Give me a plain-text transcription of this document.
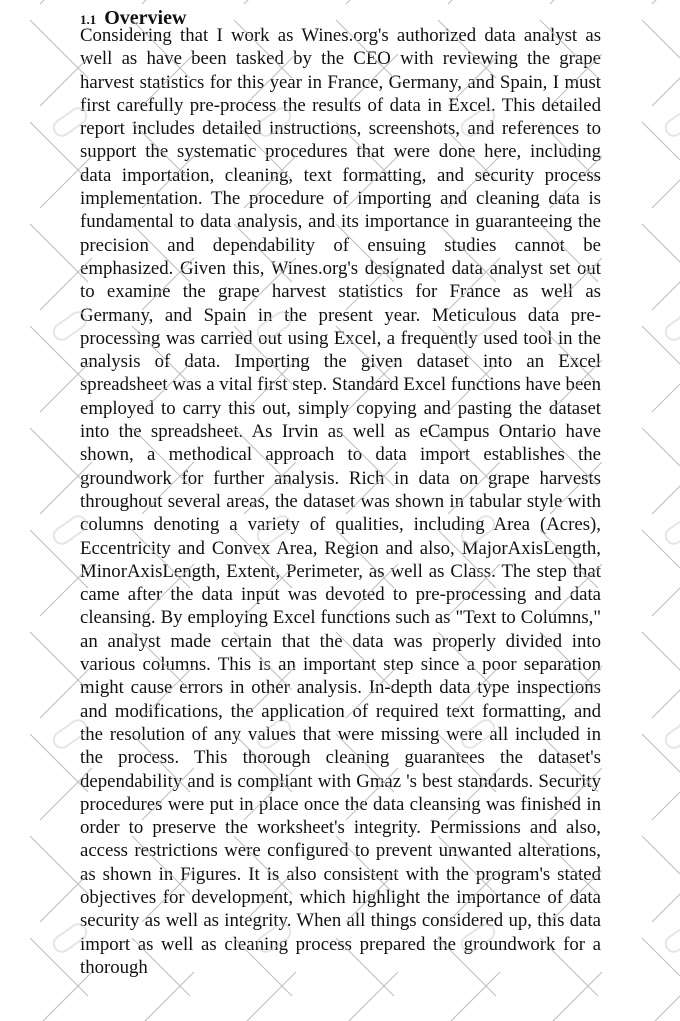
1.1 Overview

Considering that I work as Wines.org's authorized data analyst as well as have been tasked by the CEO with reviewing the grape harvest statistics for this year in France, Germany, and Spain, I must first carefully pre-process the results of data in Excel. This detailed report includes detailed instructions, screenshots, and references to support the systematic procedures that were done here, including data importation, cleaning, text formatting, and security process implementation. The procedure of importing and cleaning data is fundamental to data analysis, and its importance in guaranteeing the precision and dependability of ensuing studies cannot be emphasized. Given this, Wines.org's designated data analyst set out to examine the grape harvest statistics for France as well as Germany, and Spain in the present year. Meticulous data pre-processing was carried out using Excel, a frequently used tool in the analysis of data. Importing the given dataset into an Excel spreadsheet was a vital first step. Standard Excel functions have been employed to carry this out, simply copying and pasting the dataset into the spreadsheet. As Irvin as well as eCampus Ontario have shown, a methodical approach to data import establishes the groundwork for further analysis. Rich in data on grape harvests throughout several areas, the dataset was shown in tabular style with columns denoting a variety of qualities, including Area (Acres), Eccentricity and Convex Area, Region and also, MajorAxisLength, MinorAxisLength, Extent, Perimeter, as well as Class. The step that came after the data input was devoted to pre-processing and data cleansing. By employing Excel functions such as "Text to Columns," an analyst made certain that the data was properly divided into various columns. This is an important step since a poor separation might cause errors in other analysis. In-depth data type inspections and modifications, the application of required text formatting, and the resolution of any values that were missing were all included in the process. This thorough cleaning guarantees the dataset's dependability and is compliant with Gmaz 's best standards. Security procedures were put in place once the data cleansing was finished in order to preserve the worksheet's integrity. Permissions and also, access restrictions were configured to prevent unwanted alterations, as shown in Figures. It is also consistent with the program's stated objectives for development, which highlight the importance of data security as well as integrity. When all things considered up, this data import as well as cleaning process prepared the groundwork for a thorough
